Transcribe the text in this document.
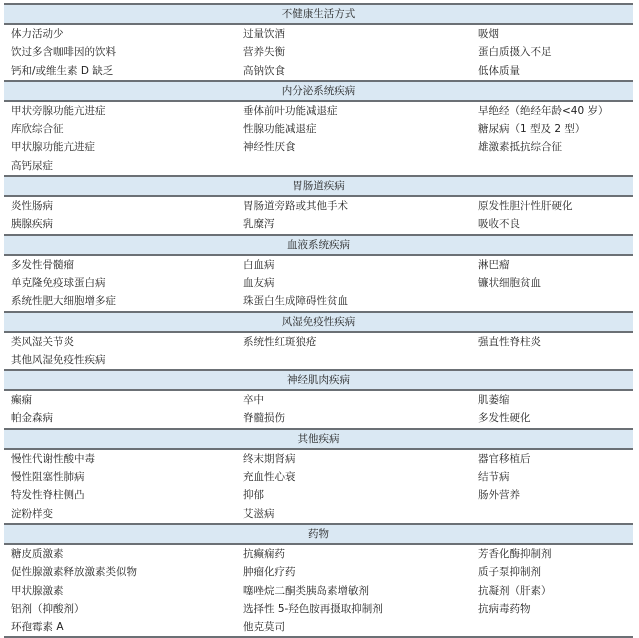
不健康生活方式
体力活动少	过量饮酒	吸烟
饮过多含咖啡因的饮料	营养失衡	蛋白质摄入不足
钙和/或维生素 D 缺乏	高钠饮食	低体质量
内分泌系统疾病
甲状旁腺功能亢进症	垂体前叶功能减退症	早绝经（绝经年龄<40 岁）
库欣综合征	性腺功能减退症	糖尿病（1 型及 2 型）
甲状腺功能亢进症	神经性厌食	雄激素抵抗综合征
高钙尿症
胃肠道疾病
炎性肠病	胃肠道旁路或其他手术	原发性胆汁性肝硬化
胰腺疾病	乳糜泻	吸收不良
血液系统疾病
多发性骨髓瘤	白血病	淋巴瘤
单克隆免疫球蛋白病	血友病	镰状细胞贫血
系统性肥大细胞增多症	珠蛋白生成障碍性贫血
风湿免疫性疾病
类风湿关节炎	系统性红斑狼疮	强直性脊柱炎
其他风湿免疫性疾病
神经肌肉疾病
癫痫	卒中	肌萎缩
帕金森病	脊髓损伤	多发性硬化
其他疾病
慢性代谢性酸中毒	终末期肾病	器官移植后
慢性阻塞性肺病	充血性心衰	结节病
特发性脊柱侧凸	抑郁	肠外营养
淀粉样变	艾滋病
药物
糖皮质激素	抗癫痫药	芳香化酶抑制剂
促性腺激素释放激素类似物	肿瘤化疗药	质子泵抑制剂
甲状腺激素	噻唑烷二酮类胰岛素增敏剂	抗凝剂（肝素）
铝剂（抑酸剂）	选择性 5-羟色胺再摄取抑制剂	抗病毒药物
环孢霉素 A	他克莫司
